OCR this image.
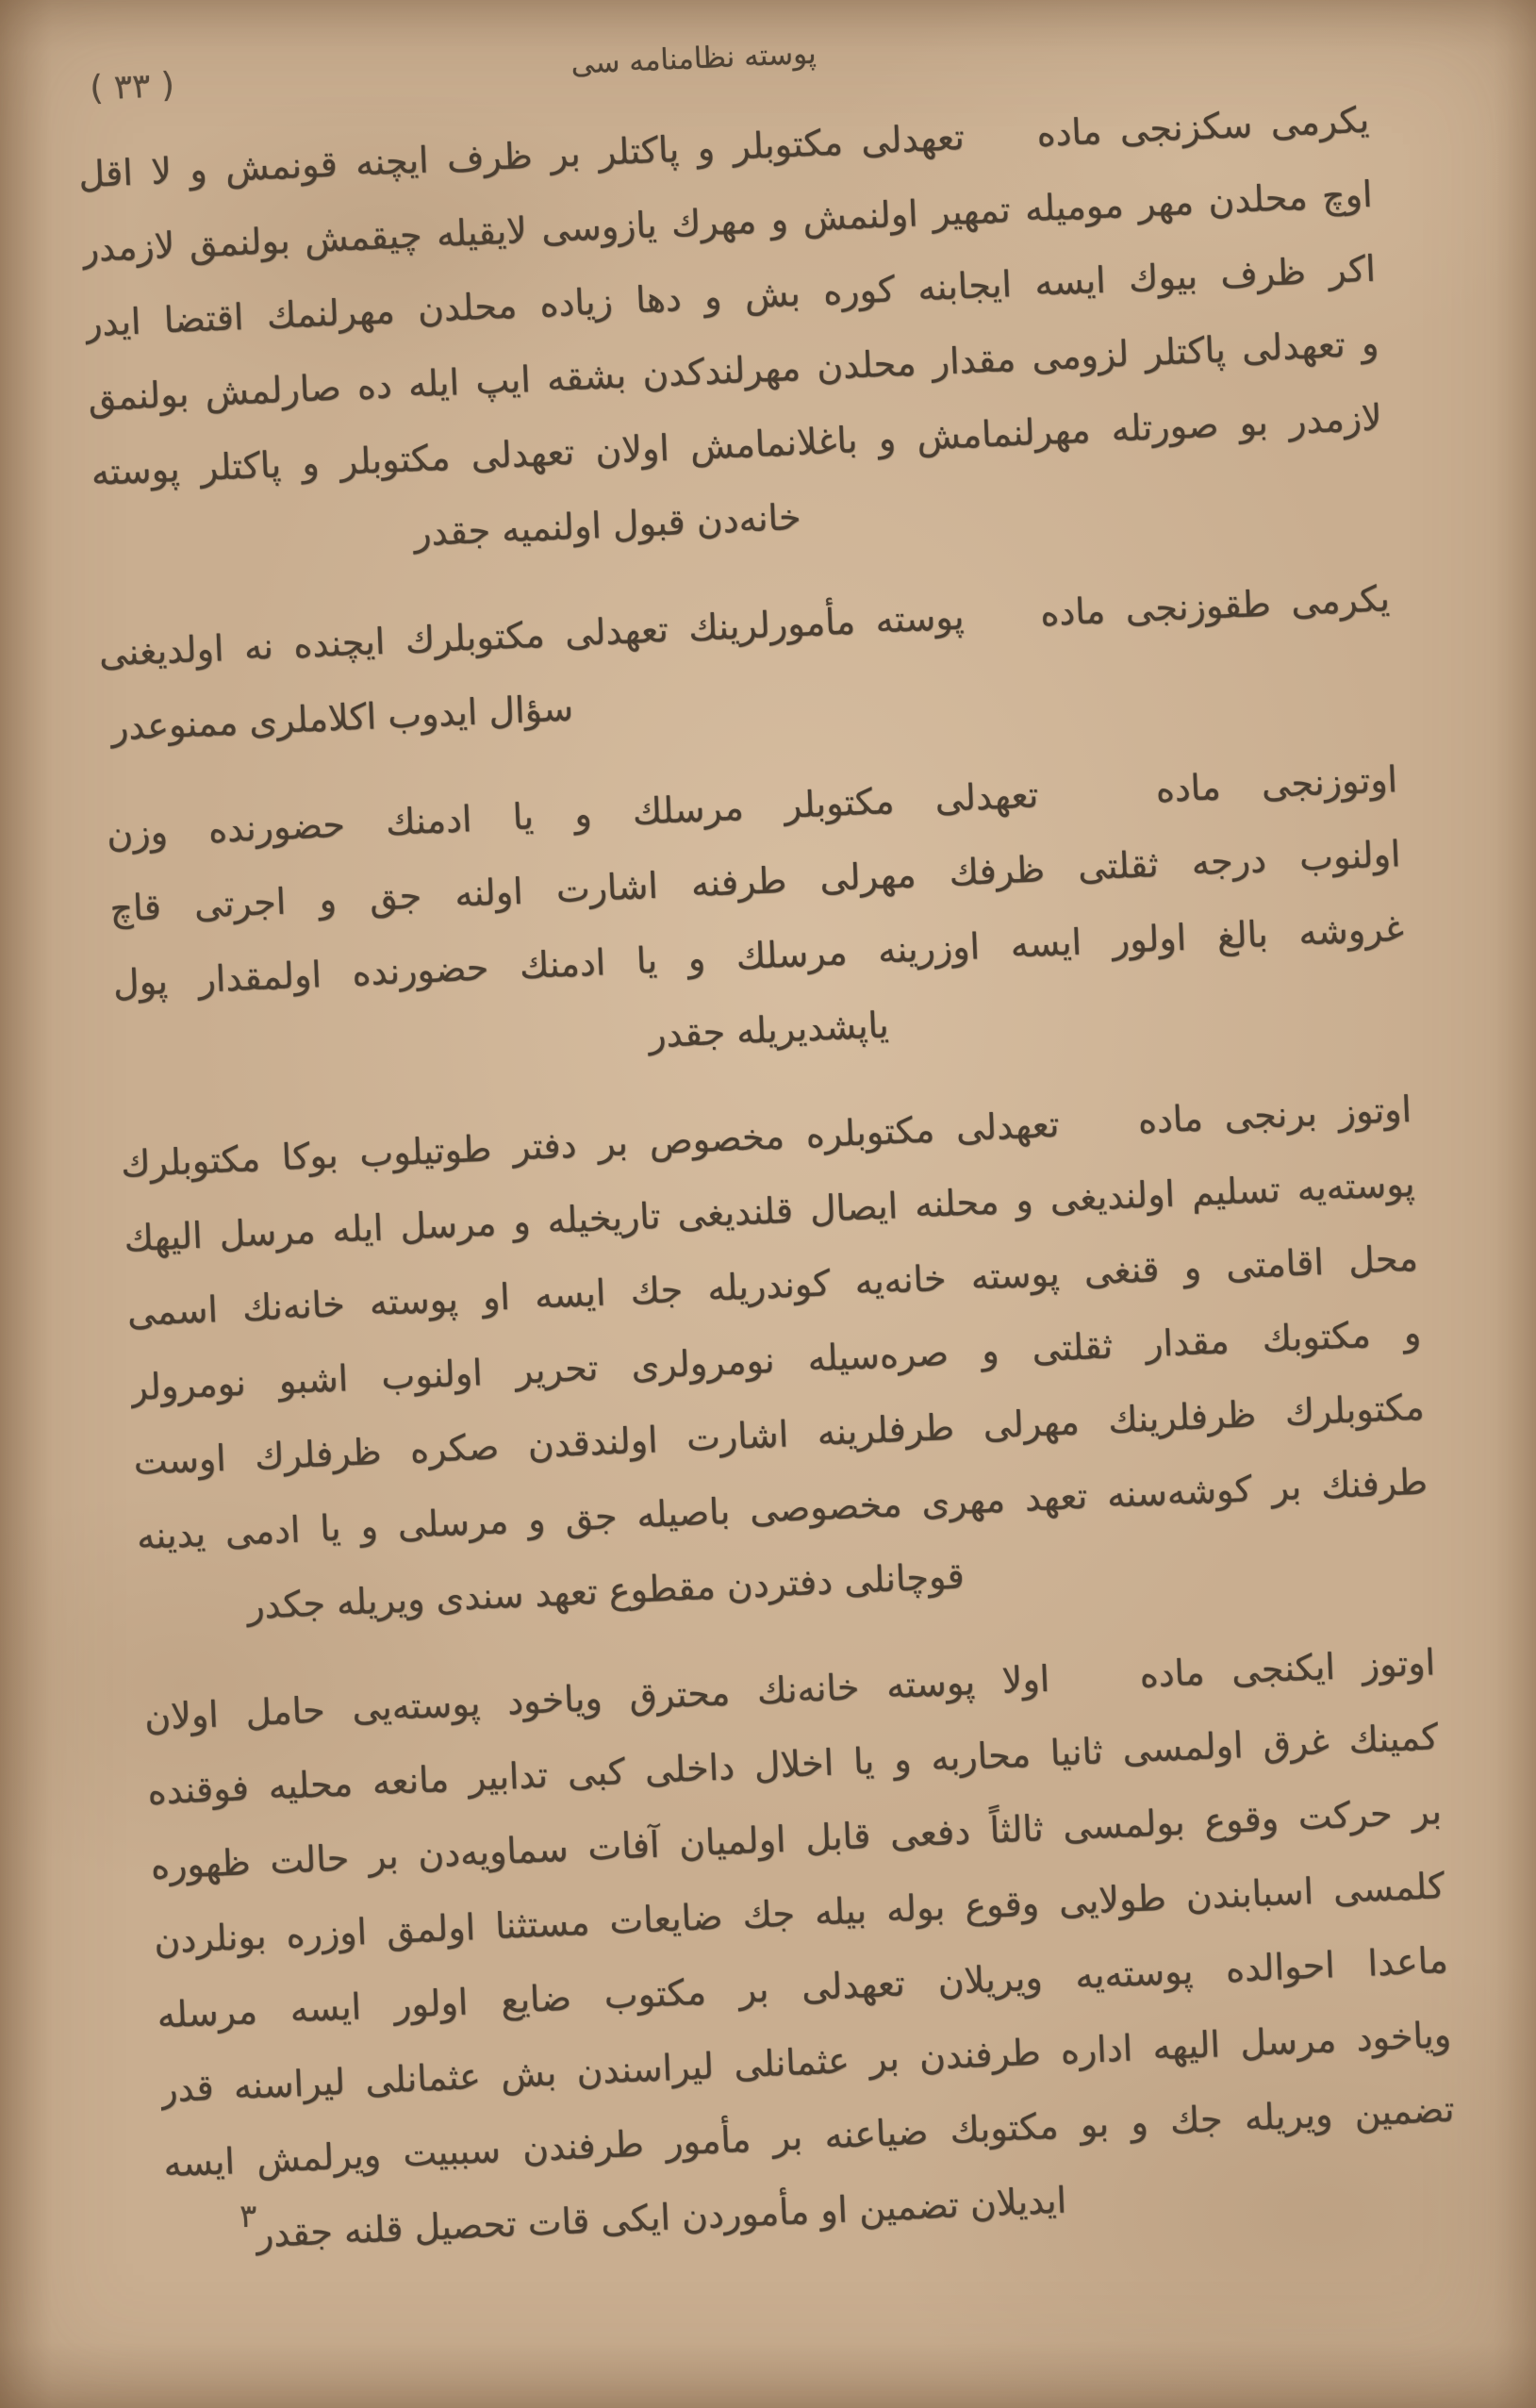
( ٣٣ )
پوسته نظامنامه سی
یکرمی سکزنجی ماده   تعهدلی مکتوبلر و پاکتلر بر ظرف ایچنه قونمش و لا اقل
اوچ محلدن مهر مومیله تمهیر اولنمش و مهرك یازوسی لایقیله چیقمش بولنمق لازمدر
اکر ظرف بیوك ایسه ایجابنه کوره بش و دها زیاده محلدن مهرلنمك اقتضا ایدر
و تعهدلی پاکتلر لزومی مقدار محلدن مهرلندکدن بشقه ایپ ایله ده صارلمش بولنمق
لازمدر بو صورتله مهرلنمامش و باغلانمامش اولان تعهدلی مکتوبلر و پاکتلر پوسته
خانه‌دن قبول اولنمیه جقدر
یکرمی طقوزنجی ماده   پوسته مأمورلرینك تعهدلی مکتوبلرك ایچنده نه اولدیغنی
سؤال ایدوب اکلاملری ممنوعدر
اوتوزنجی ماده   تعهدلی مکتوبلر مرسلك و یا ادمنك حضورنده وزن
اولنوب درجه ثقلتی ظرفك مهرلی طرفنه اشارت اولنه جق و اجرتی قاچ
غروشه بالغ اولور ایسه اوزرینه مرسلك و یا ادمنك حضورنده اولمقدار پول
یاپشدیریله جقدر
اوتوز برنجی ماده   تعهدلی مکتوبلره مخصوص بر دفتر طوتیلوب بوکا مکتوبلرك
پوسته‌یه تسلیم اولندیغی و محلنه ایصال قلندیغی تاریخیله و مرسل ایله مرسل الیهك
محل اقامتی و قنغی پوسته خانه‌یه کوندریله جك ایسه او پوسته خانه‌نك اسمی
و مکتوبك مقدار ثقلتی و صره‌سیله نومرولری تحریر اولنوب اشبو نومرولر
مکتوبلرك ظرفلرینك مهرلی طرفلرینه اشارت اولندقدن صکره ظرفلرك اوست
طرفنك بر کوشه‌سنه تعهد مهری مخصوصی باصیله جق و مرسلی و یا ادمی یدینه
قوچانلی دفتردن مقطوع تعهد سندی ویریله جکدر
اوتوز ایکنجی ماده   اولا پوسته خانه‌نك محترق ویاخود پوسته‌یی حامل اولان
کمینك غرق اولمسی ثانیا محاربه و یا اخلال داخلی کبی تدابیر مانعه محلیه فوقنده
بر حرکت وقوع بولمسی ثالثاً دفعی قابل اولمیان آفات سماویه‌دن بر حالت ظهوره
کلمسی اسبابندن طولایی وقوع بوله بیله جك ضایعات مستثنا اولمق اوزره بونلردن
ماعدا احوالده پوسته‌یه ویریلان تعهدلی بر مکتوب ضایع اولور ایسه مرسله
ویاخود مرسل الیهه اداره طرفندن بر عثمانلی لیراسندن بش عثمانلی لیراسنه قدر
تضمین ویریله جك و بو مکتوبك ضیاعنه بر مأمور طرفندن سببیت ویرلمش ایسه
ایدیلان تضمین او مأموردن ایکی قات تحصیل قلنه جقدر
٣
